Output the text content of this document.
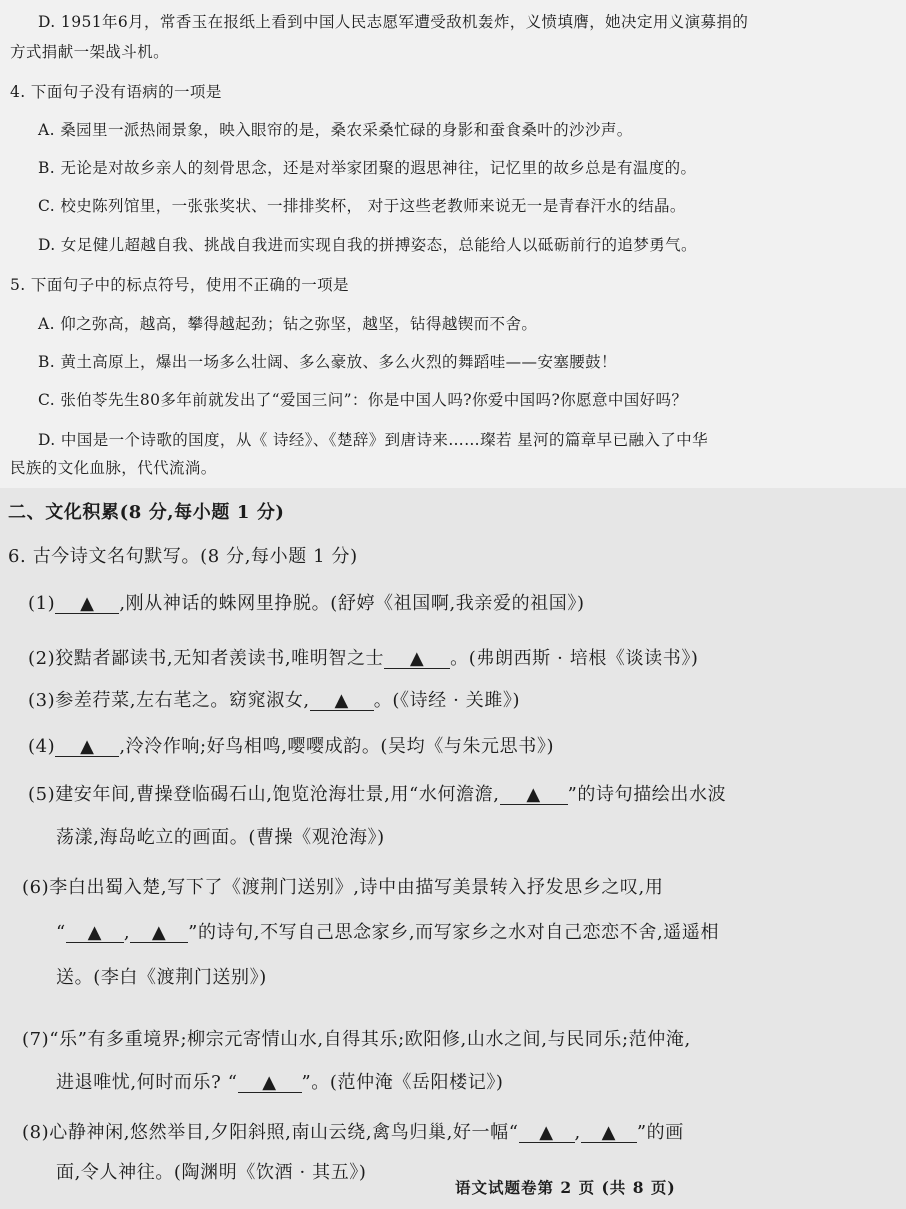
D. 1951年6月，常香玉在报纸上看到中国人民志愿军遭受敌机轰炸，义愤填膺，她决定用义演募捐的
方式捐献一架战斗机。
4. 下面句子没有语病的一项是
A. 桑园里一派热闹景象，映入眼帘的是，桑农采桑忙碌的身影和蚕食桑叶的沙沙声。
B. 无论是对故乡亲人的刻骨思念，还是对举家团聚的遐思神往，记忆里的故乡总是有温度的。
C. 校史陈列馆里，一张张奖状、一排排奖杯， 对于这些老教师来说无一是青春汗水的结晶。
D. 女足健儿超越自我、挑战自我进而实现自我的拼搏姿态，总能给人以砥砺前行的追梦勇气。
5. 下面句子中的标点符号，使用不正确的一项是
A. 仰之弥高，越高，攀得越起劲；钻之弥坚，越坚，钻得越锲而不舍。
B. 黄土高原上，爆出一场多么壮阔、多么豪放、多么火烈的舞蹈哇——安塞腰鼓！
C. 张伯苓先生80多年前就发出了“爱国三问”：你是中国人吗?你爱中国吗?你愿意中国好吗？
D. 中国是一个诗歌的国度，从《 诗经》、《楚辞》到唐诗来……璨若 星河的篇章早已融入了中华
民族的文化血脉，代代流淌。
二、文化积累(8 分,每小题 1 分)
6. 古今诗文名句默写。(8 分,每小题 1 分)
(1) ▲ ,刚从神话的蛛网里挣脱。(舒婷《祖国啊,我亲爱的祖国》)
(2)狡黠者鄙读书,无知者羡读书,唯明智之士 ▲ 。(弗朗西斯 · 培根《谈读书》)
(3)参差荇菜,左右芼之。窈窕淑女, ▲ 。(《诗经 · 关雎》)
(4) ▲ ,泠泠作响;好鸟相鸣,嘤嘤成韵。(吴均《与朱元思书》)
(5)建安年间,曹操登临碣石山,饱览沧海壮景,用“水何澹澹, ▲ ”的诗句描绘出水波
荡漾,海岛屹立的画面。(曹操《观沧海》)
(6)李白出蜀入楚,写下了《渡荆门送别》,诗中由描写美景转入抒发思乡之叹,用
“ ▲ , ▲ ”的诗句,不写自己思念家乡,而写家乡之水对自己恋恋不舍,遥遥相
送。(李白《渡荆门送别》)
(7)“乐”有多重境界;柳宗元寄情山水,自得其乐;欧阳修,山水之间,与民同乐;范仲淹,
进退唯忧,何时而乐? “ ▲ ”。(范仲淹《岳阳楼记》)
(8)心静神闲,悠然举目,夕阳斜照,南山云绕,禽鸟归巢,好一幅“ ▲ , ▲ ”的画
面,令人神往。(陶渊明《饮酒 · 其五》)
语文试题卷第 2 页 (共 8 页)
